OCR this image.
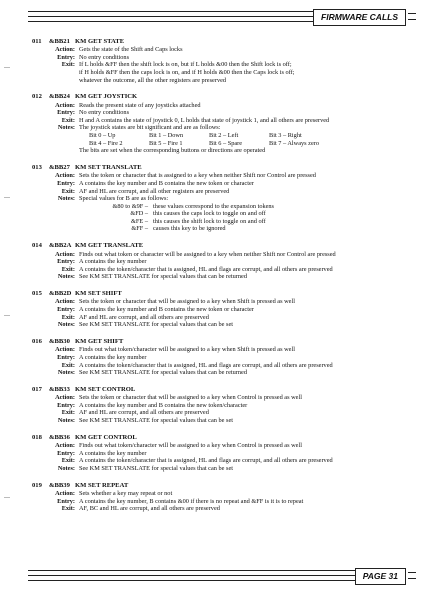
FIRMWARE CALLS
011	&BB21 KM GET STATE
Action: Gets the state of the Shift and Caps locks
Entry: No entry conditions
Exit: If L holds &FF then the shift lock is on, but if L holds &00 then the Shift lock is off;
if H holds &FF then the caps lock is on, and if H holds &00 then the Caps lock is off;
whatever the outcome, all the other registers are preserved
012	&BB24 KM GET JOYSTICK
Action: Reads the present state of any joysticks attached
Entry: No entry conditions
Exit: H and A contains the state of joystick 0, L holds that state of joystick 1, and all others are preserved
Notes: The joystick states are bit significant and are as follows:
Bit 0 – Up	Bit 1 – Down	Bit 2 – Left	Bit 3 – Right
Bit 4 – Fire 2	Bit 5 – Fire 1	Bit 6 – Spare	Bit 7 – Always zero
The bits are set when the corresponding buttons or directions are operated
013	&BB27 KM SET TRANSLATE
Action: Sets the token or character that is assigned to a key when neither Shift nor Control are pressed
Entry: A contains the key number and B contains the new token or character
Exit: AF and HL are corrupt, and all other registers are preserved
Notes: Special values for B are as follows:
&80 to &9F – these values correspond to the expansion tokens
&FD – this causes the caps lock to toggle on and off
&FE – this causes the shift lock to toggle on and off
&FF – causes this key to be ignored
014	&BB2A KM GET TRANSLATE
Action: Finds out what token or character will be assigned to a key when neither Shift nor Control are pressed
Entry: A contains the key number
Exit: A contains the token/character that is assigned, HL and flags are corrupt, and all others are preserved
Notes: See KM SET TRANSLATE for special values that can be returned
015	&BB2D KM SET SHIFT
Action: Sets the token or character that will be assigned to a key when Shift is pressed as well
Entry: A contains the key number and B contains the new token or character
Exit: AF and HL are corrupt, and all others are preserved
Notes: See KM SET TRANSLATE for special values that can be set
016	&BB30 KM GET SHIFT
Action: Finds out what token/character will be assigned to a key when Shift is pressed as well
Entry: A contains the key number
Exit: A contains the token/character that is assigned, HL and flags are corrupt, and all others are preserved
Notes: See KM SET TRANSLATE for special values that can be returned
017	&BB33 KM SET CONTROL
Action: Sets the token or character that will be assigned to a key when Control is pressed as well
Entry: A contains the key number and B contains the new token/character
Exit: AF and HL are corrupt, and all others are preserved
Notes: See KM SET TRANSLATE for special values that can be set
018	&BB36 KM GET CONTROL
Action: Finds out what token/character will be assigned to a key when Control is pressed as well
Entry: A contains the key number
Exit: A contains the token/character that is assigned, HL and flags are corrupt, and all others are preserved
Notes: See KM SET TRANSLATE for special values that can be set
019	&BB39 KM SET REPEAT
Action: Sets whether a key may repeat or not
Entry: A contains the key number, B contains &00 if there is no repeat and &FF is it is to repeat
Exit: AF, BC and HL are corrupt, and all others are preserved
PAGE 31
